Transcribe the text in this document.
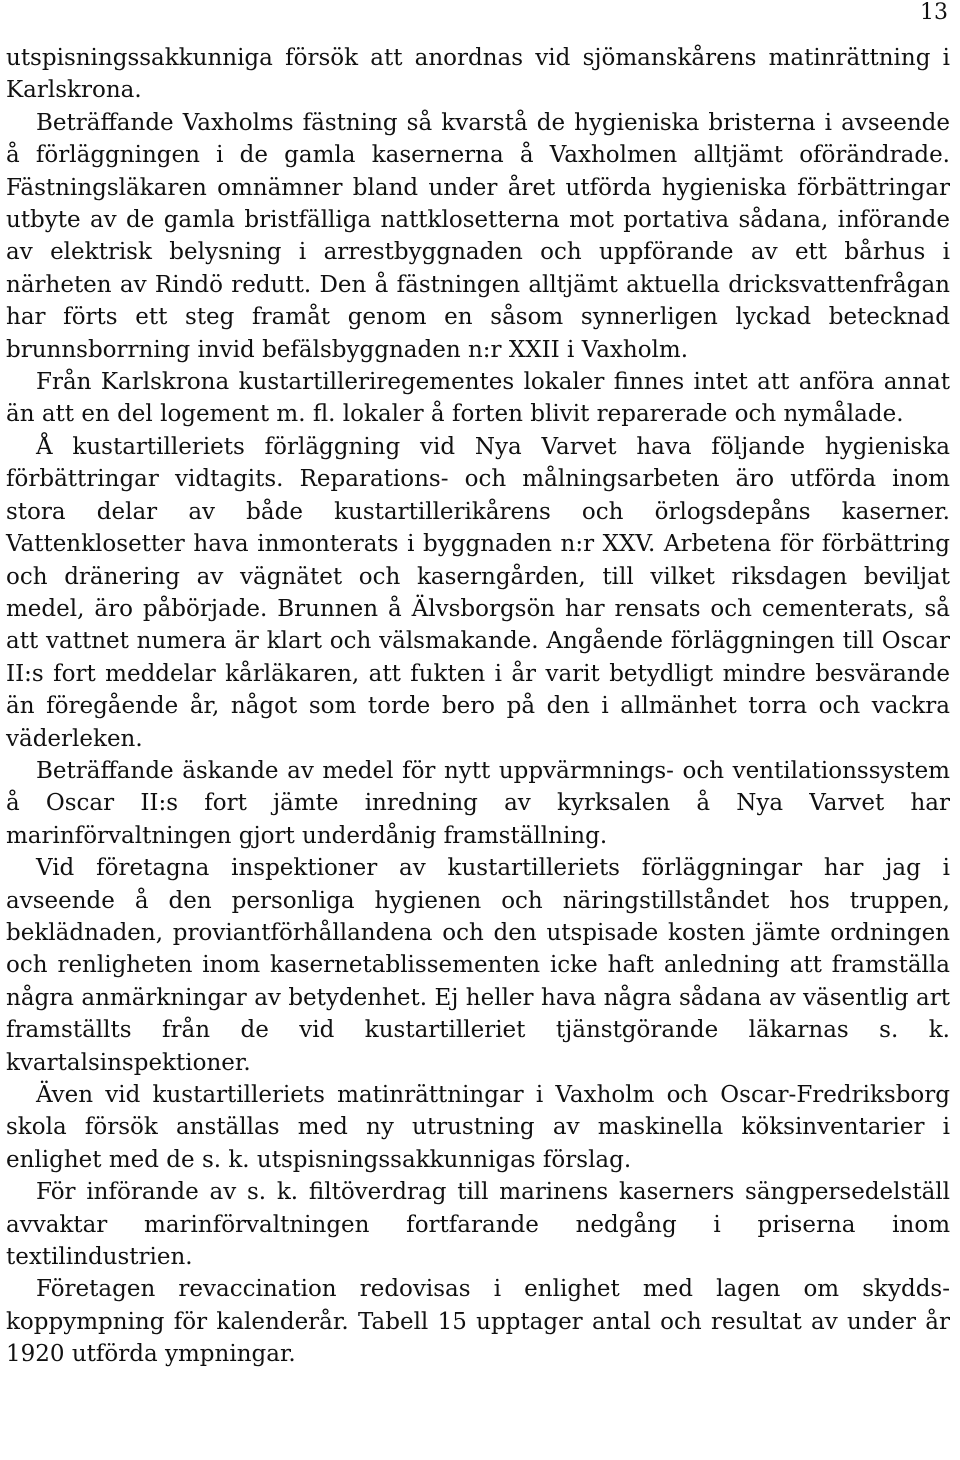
13

utspisningssakkunniga försök att anordnas vid sjömanskårens matinrättning i Karlskrona.

Beträffande Vaxholms fästning så kvarstå de hygieniska bristerna i avseende å förläggningen i de gamla kasernerna å Vaxholmen alltjämt oförändrade. Fästningsläkaren omnämner bland under året utförda hygieniska förbättringar utbyte av de gamla bristfälliga nattklosetterna mot portativa sådana, införande av elektrisk belysning i arrestbyggnaden och uppförande av ett bårhus i närheten av Rindö redutt. Den å fästningen alltjämt aktuella dricksvattenfrågan har förts ett steg framåt genom en såsom synnerligen lyckad betecknad brunnsborrning invid befälsbyggnaden n:r XXII i Vaxholm.

Från Karlskrona kustartilleriregementes lokaler finnes intet att anföra annat än att en del logement m. fl. lokaler å forten blivit reparerade och nymålade.

Å kustartilleriets förläggning vid Nya Varvet hava följande hygieniska förbättringar vidtagits. Reparations- och målningsarbeten äro utförda inom stora delar av både kustartillerikårens och örlogsdepåns kaserner. Vattenklosetter hava inmonterats i byggnaden n:r XXV. Arbetena för förbättring och dränering av vägnätet och kaserngården, till vilket riksdagen beviljat medel, äro påbörjade. Brunnen å Älvsborgsön har rensats och cementerats, så att vattnet numera är klart och välsmakande. Angående förläggningen till Oscar II:s fort meddelar kårläkaren, att fukten i år varit betydligt mindre besvärande än föregående år, något som torde bero på den i allmänhet torra och vackra väderleken.

Beträffande äskande av medel för nytt uppvärmnings- och ventilationssystem å Oscar II:s fort jämte inredning av kyrksalen å Nya Varvet har marinförvaltningen gjort underdånig framställning.

Vid företagna inspektioner av kustartilleriets förläggningar har jag i avseende å den personliga hygienen och näringstillståndet hos truppen, beklädnaden, proviantförhållandena och den utspisade kosten jämte ordningen och renligheten inom kasernetablissementen icke haft anledning att framställa några anmärkningar av betydenhet. Ej heller hava några sådana av väsentlig art framställts från de vid kustartilleriet tjänstgörande läkarnas s. k. kvartalsinspektioner.

Även vid kustartilleriets matinrättningar i Vaxholm och Oscar-Fredriksborg skola försök anställas med ny utrustning av maskinella köksinventarier i enlighet med de s. k. utspisningssakkunnigas förslag.

För införande av s. k. filtöverdrag till marinens kaserners sängpersedelställ avvaktar marinförvaltningen fortfarande nedgång i priserna inom textilindustrien.

Företagen revaccination redovisas i enlighet med lagen om skyddskoppympning för kalenderår. Tabell 15 upptager antal och resultat av under år 1920 utförda ympningar.
